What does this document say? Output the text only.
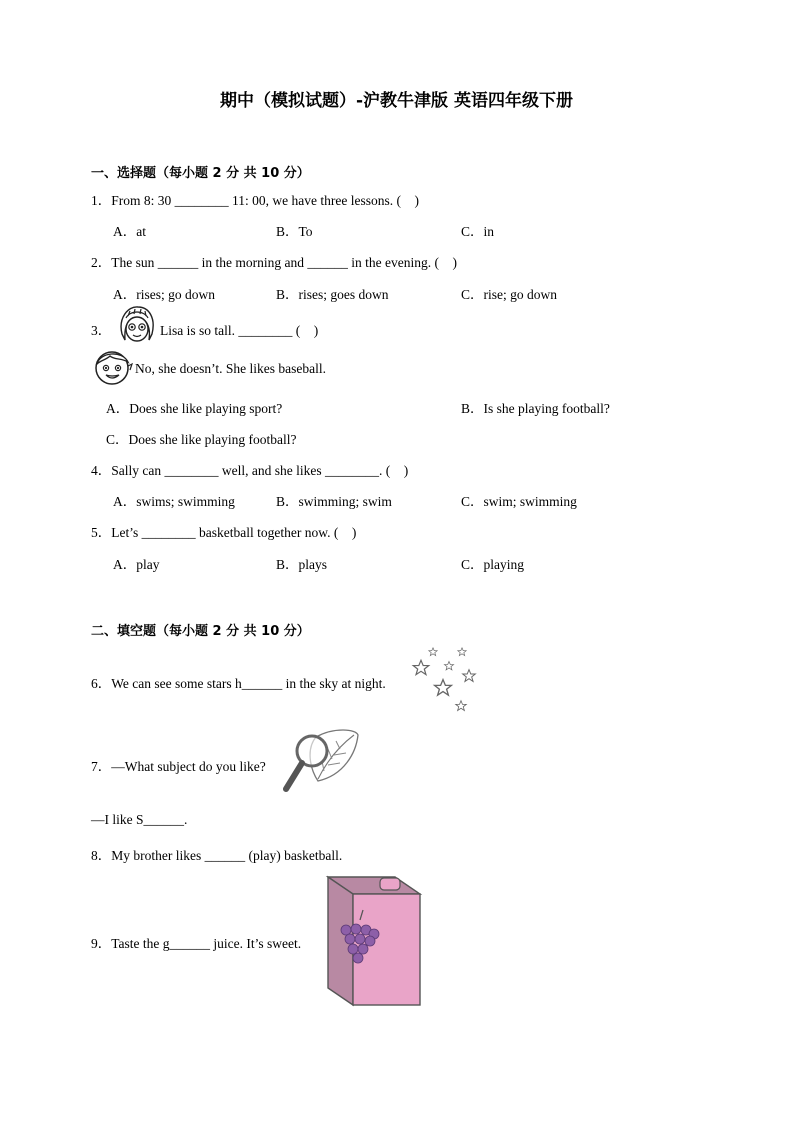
期中（模拟试题）-沪教牛津版 英语四年级下册
一、选择题（每小题 2 分 共 10 分）
1．From 8: 30 ________ 11: 00, we have three lessons. (　)
A．at	B．To	C．in
2．The sun ______ in the morning and ______ in the evening. (　)
A．rises; go down	B．rises; goes down	C．rise; go down
3．	Lisa is so tall. ________ (　)
No, she doesn’t. She likes baseball.
A．Does she like playing sport?	B．Is she playing football?
C．Does she like playing football?
4．Sally can ________ well, and she likes ________. (　)
A．swims; swimming	B．swimming; swim	C．swim; swimming
5．Let’s ________ basketball together now. (　)
A．play	B．plays	C．playing
二、填空题（每小题 2 分 共 10 分）
6．We can see some stars h______ in the sky at night.
7．—What subject do you like?
—I like S______.
8．My brother likes ______ (play) basketball.
9．Taste the g______ juice. It’s sweet.
